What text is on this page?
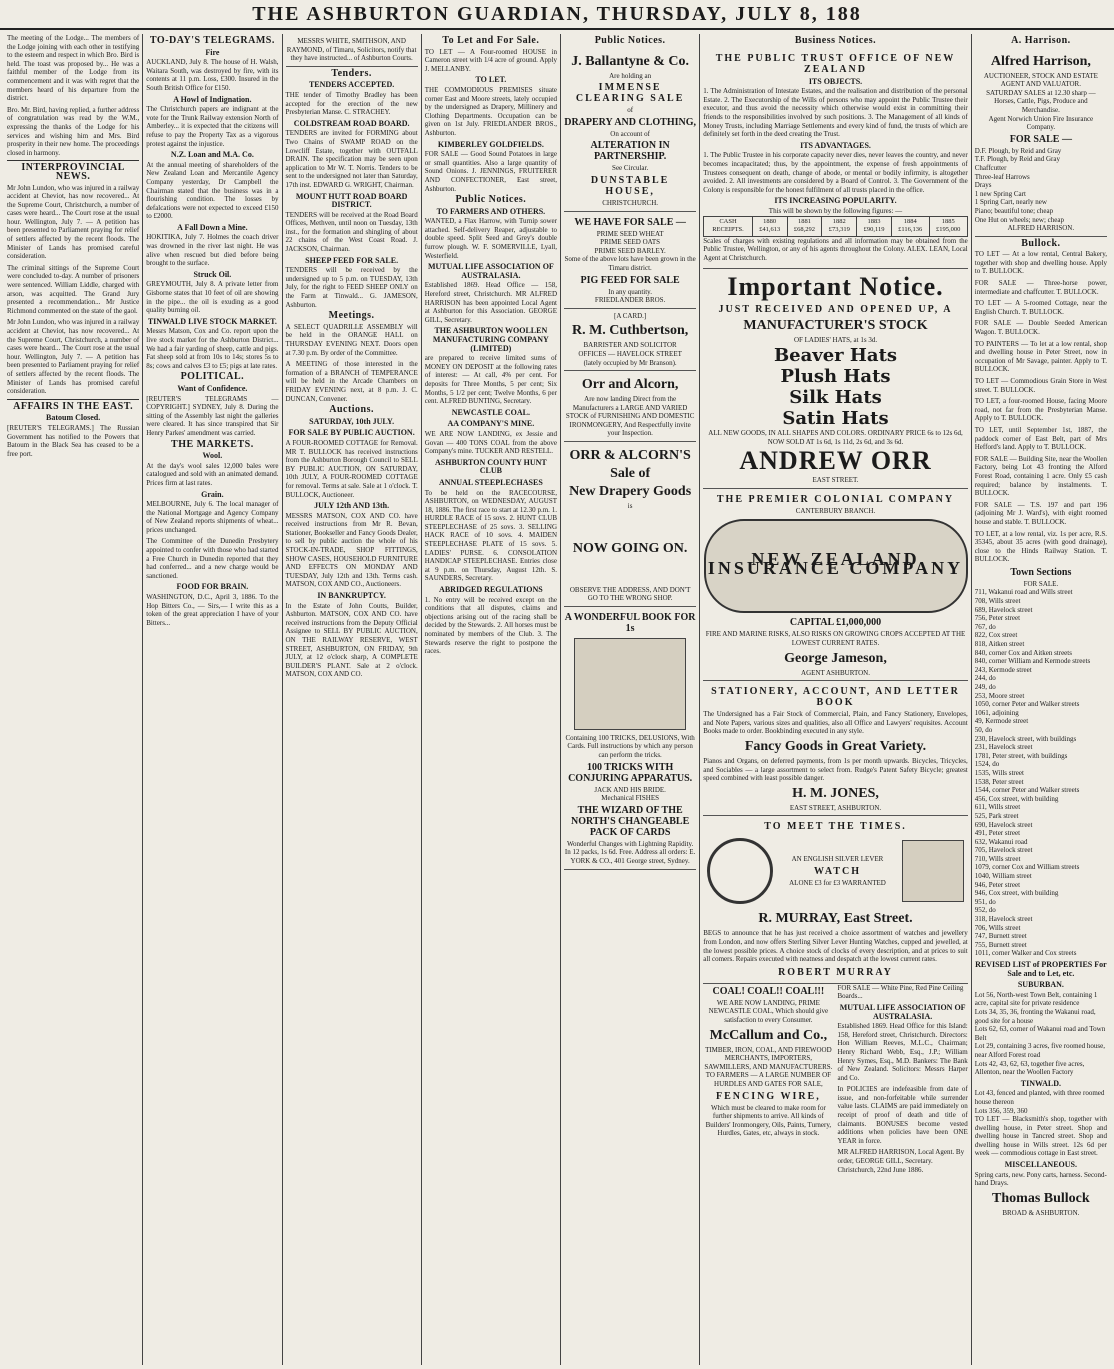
THE ASHBURTON GUARDIAN, THURSDAY, JULY 8, 188

The meeting of the Lodge... The members of the Lodge joining with each other in testifying to the esteem and respect in which Bro. Bird is held. The toast was proposed by... He was a faithful member of the Lodge from its commencement and it was with regret that the members heard of his departure from the district.

Bro. Mr. Bird, having replied, a further address of congratulation was read by the W.M., expressing the thanks of the Lodge for his services and wishing him and Mrs. Bird prosperity in their new home. The proceedings closed in harmony.

INTERPROVINCIAL NEWS.

Mr John Lundon, who was injured in a railway accident at Cheviot, has now recovered... At the Supreme Court, Christchurch, a number of cases were heard... The Court rose at the usual hour. Wellington, July 7. — A petition has been presented to Parliament praying for relief of settlers affected by the recent floods. The Minister of Lands has promised careful consideration.

The criminal sittings of the Supreme Court were concluded to-day. A number of prisoners were sentenced. William Liddle, charged with arson, was acquitted. The Grand Jury presented a recommendation... Mr Justice Richmond commented on the state of the gaol.

Mr John Lundon, who was injured in a railway accident at Cheviot, has now recovered... At the Supreme Court, Christchurch, a number of cases were heard... The Court rose at the usual hour. Wellington, July 7. — A petition has been presented to Parliament praying for relief of settlers affected by the recent floods. The Minister of Lands has promised careful consideration.

AFFAIRS IN THE EAST.
Batoum Closed.

[REUTER'S TELEGRAMS.] The Russian Government has notified to the Powers that Batoum in the Black Sea has ceased to be a free port.

TO-DAY'S TELEGRAMS.
Fire

AUCKLAND, July 8. The house of H. Walsh, Waitara South, was destroyed by fire, with its contents at 11 p.m. Loss, £300. Insured in the South British Office for £150.

A Howl of Indignation.

The Christchurch papers are indignant at the vote for the Trunk Railway extension North of Amberley... it is expected that the citizens will refuse to pay the Property Tax as a vigorous protest against the injustice.

N.Z. Loan and M.A. Co.

At the annual meeting of shareholders of the New Zealand Loan and Mercantile Agency Company yesterday, Dr Campbell the Chairman stated that the business was in a flourishing condition. The losses by defalcations were not expected to exceed £150 to £2000.

A Fall Down a Mine.

HOKITIKA, July 7. Holmes the coach driver was drowned in the river last night. He was alive when rescued but died before being brought to the surface.

Struck Oil.

GREYMOUTH, July 8. A private letter from Gisborne states that 10 feet of oil are showing in the pipe... the oil is exuding as a good quality burning oil.

TINWALD LIVE STOCK MARKET.

Messrs Matson, Cox and Co. report upon the live stock market for the Ashburton District... We had a fair yarding of sheep, cattle and pigs. Fat sheep sold at from 10s to 14s; stores 5s to 8s; cows and calves £3 to £5; pigs at late rates.

POLITICAL.
Want of Confidence.

[REUTER'S TELEGRAMS — COPYRIGHT.] SYDNEY, July 8. During the sitting of the Assembly last night the galleries were cleared. It has since transpired that Sir Henry Parkes' amendment was carried.

THE MARKETS.
Wool.

At the day's wool sales 12,000 bales were catalogued and sold with an animated demand. Prices firm at last rates.

Grain.

MELBOURNE, July 6. The local manager of the National Mortgage and Agency Company of New Zealand reports shipments of wheat... prices unchanged.

The Committee of the Dunedin Presbytery appointed to confer with those who had started a Free Church in Dunedin reported that they had conferred... and a new charge would be sanctioned.

FOOD FOR BRAIN.

WASHINGTON, D.C., April 3, 1886. To the Hop Bitters Co., — Sirs,— I write this as a token of the great appreciation I have of your Bitters...

MESSRS WHITE, SMITHSON, AND RAYMOND, of Timaru, Solicitors, notify that they have instructed... of Ashburton Courts.

Tenders.
TENDERS ACCEPTED.

THE tender of Timothy Bradley has been accepted for the erection of the new Presbyterian Manse. C. STRACHEY.

COLDSTREAM ROAD BOARD.

TENDERS are invited for FORMING about Two Chains of SWAMP ROAD on the Lowcliff Estate, together with OUTFALL DRAIN. The specification may be seen upon application to Mr W. T. Norris. Tenders to be sent to the undersigned not later than Saturday, 17th inst. EDWARD G. WRIGHT, Chairman.

MOUNT HUTT ROAD BOARD DISTRICT.

TENDERS will be received at the Road Board Offices, Methven, until noon on Tuesday, 13th inst., for the formation and shingling of about 22 chains of the West Coast Road. J. JACKSON, Chairman.

SHEEP FEED FOR SALE.

TENDERS will be received by the undersigned up to 5 p.m. on TUESDAY, 13th July, for the right to FEED SHEEP ONLY on the Farm at Tinwald... G. JAMESON, Ashburton.

Meetings.

A SELECT QUADRILLE ASSEMBLY will be held in the ORANGE HALL on THURSDAY EVENING NEXT. Doors open at 7.30 p.m. By order of the Committee.

A MEETING of those interested in the formation of a BRANCH of TEMPERANCE will be held in the Arcade Chambers on FRIDAY EVENING next, at 8 p.m. J. C. DUNCAN, Convener.

Auctions.
SATURDAY, 10th JULY.
FOR SALE BY PUBLIC AUCTION.

A FOUR-ROOMED COTTAGE for Removal. MR T. BULLOCK has received instructions from the Ashburton Borough Council to SELL BY PUBLIC AUCTION, ON SATURDAY, 10th JULY, A FOUR-ROOMED COTTAGE for removal. Terms at sale. Sale at 1 o'clock. T. BULLOCK, Auctioneer.

JULY 12th AND 13th.

MESSRS MATSON, COX AND CO. have received instructions from Mr R. Bevan, Stationer, Bookseller and Fancy Goods Dealer, to sell by public auction the whole of his STOCK-IN-TRADE, SHOP FITTINGS, SHOW CASES, HOUSEHOLD FURNITURE AND EFFECTS ON MONDAY AND TUESDAY, July 12th and 13th. Terms cash. MATSON, COX AND CO., Auctioneers.

IN BANKRUPTCY.

In the Estate of John Coutts, Builder, Ashburton. MATSON, COX AND CO. have received instructions from the Deputy Official Assignee to SELL BY PUBLIC AUCTION, ON THE RAILWAY RESERVE, WEST STREET, ASHBURTON, ON FRIDAY, 9th JULY, at 12 o'clock sharp, A COMPLETE BUILDER'S PLANT. Sale at 2 o'clock. MATSON, COX AND CO.

To Let and For Sale.

TO LET — A Four-roomed HOUSE in Cameron street with 1/4 acre of ground. Apply J. MELLANBY.

TO LET.

THE COMMODIOUS PREMISES situate corner East and Moore streets, lately occupied by the undersigned as Drapery, Millinery and Clothing Departments. Occupation can be given on 1st July. FRIEDLANDER BROS., Ashburton.

KIMBERLEY GOLDFIELDS.

FOR SALE — Good Sound Potatoes in large or small quantities. Also a large quantity of Sound Onions. J. JENNINGS, FRUITERER AND CONFECTIONER, East street, Ashburton.

Public Notices.
TO FARMERS AND OTHERS.

WANTED, a Flax Harrow, with Turnip sower attached. Self-delivery Reaper, adjustable to double speed. Split Seed and Grey's double furrow plough. W. F. SOMERVILLE, Lyall, Westerfield.

MUTUAL LIFE ASSOCIATION OF AUSTRALASIA.

Established 1869. Head Office — 158, Hereford street, Christchurch. MR ALFRED HARRISON has been appointed Local Agent at Ashburton for this Association. GEORGE GILL, Secretary.

THE ASHBURTON WOOLLEN MANUFACTURING COMPANY (LIMITED)

are prepared to receive limited sums of MONEY ON DEPOSIT at the following rates of interest: — At call, 4% per cent. For deposits for Three Months, 5 per cent; Six Months, 5 1/2 per cent; Twelve Months, 6 per cent. ALFRED BUNTING, Secretary.

NEWCASTLE COAL.
AA COMPANY'S MINE.

WE ARE NOW LANDING, ex Jessie and Govan — 400 TONS COAL from the above Company's mine. TUCKER AND RESTELL.

ASHBURTON COUNTY HUNT CLUB
ANNUAL STEEPLECHASES

To be held on the RACECOURSE, ASHBURTON, on WEDNESDAY, AUGUST 18, 1886. The first race to start at 12.30 p.m. 1. HURDLE RACE of 15 sovs. 2. HUNT CLUB STEEPLECHASE of 25 sovs. 3. SELLING HACK RACE of 10 sovs. 4. MAIDEN STEEPLECHASE PLATE of 15 sovs. 5. LADIES' PURSE. 6. CONSOLATION HANDICAP STEEPLECHASE. Entries close at 9 p.m. on Thursday, August 12th. S. SAUNDERS, Secretary.

ABRIDGED REGULATIONS

1. No entry will be received except on the conditions that all disputes, claims and objections arising out of the racing shall be decided by the Stewards. 2. All horses must be nominated by members of the Club. 3. The Stewards reserve the right to postpone the races.

Public Notices.
J. Ballantyne & Co.
Are holding an
IMMENSE CLEARING SALE
of
DRAPERY AND CLOTHING,
On account of
ALTERATION IN PARTNERSHIP.
See Circular.
DUNSTABLE HOUSE,
CHRISTCHURCH.
WE HAVE FOR SALE —
PRIME SEED WHEAT
PRIME SEED OATS
PRIME SEED BARLEY.
Some of the above lots have been grown in the Timaru district.
PIG FEED FOR SALE
In any quantity.
FRIEDLANDER BROS.
[A CARD.]
R. M. Cuthbertson,
BARRISTER AND SOLICITOR
OFFICES — HAVELOCK STREET
(lately occupied by Mr Branson).
Orr and Alcorn,
Are now landing Direct from the Manufacturers a LARGE AND VARIED STOCK of FURNISHING AND DOMESTIC IRONMONGERY, And Respectfully invite your Inspection.
ORR & ALCORN'S
Sale of
New Drapery Goods
is
NOW GOING ON.
OBSERVE THE ADDRESS, AND DON'T GO TO THE WRONG SHOP.
A WONDERFUL BOOK FOR 1s
Containing 100 TRICKS, DELUSIONS, With Cards. Full instructions by which any person can perform the tricks.
100 TRICKS WITH CONJURING APPARATUS.
JACK AND HIS BRIDE.
Mechanical FISHES
THE WIZARD OF THE NORTH'S CHANGEABLE PACK OF CARDS
Wonderful Changes with Lightning Rapidity. In 12 packs, 1s 6d. Free. Address all orders: E. YORK & CO., 401 George street, Sydney.
Business Notices.
THE PUBLIC TRUST OFFICE OF NEW ZEALAND
ITS OBJECTS.

1. The Administration of Intestate Estates, and the realisation and distribution of the personal Estate. 2. The Executorship of the Wills of persons who may appoint the Public Trustee their executor, and thus avoid the necessity which otherwise would exist in committing their friends to the responsibilities involved by such positions. 3. The Management of all kinds of Money Trusts, including Marriage Settlements and every kind of fund, the trusts of which are definitely set forth in the deed creating the Trust.

ITS ADVANTAGES.

1. The Public Trustee in his corporate capacity never dies, never leaves the country, and never becomes incapacitated; thus, by the appointment, the expense of fresh appointments of Trustees consequent on death, change of abode, or mental or bodily infirmity, is altogether avoided. 2. All investments are considered by a Board of Control. 3. The Government of the Colony is responsible for the honest fulfilment of all trusts placed in the office.

ITS INCREASING POPULARITY.
This will be shown by the following figures: —
CASH RECEIPTS.	1880 £41,613	1881 £68,292	1882 £73,319	1883 £90,119	1884 £116,136	1885 £195,000

Scales of charges with existing regulations and all information may be obtained from the Public Trustee, Wellington, or any of his agents throughout the Colony. ALEX. LEAN, Local Agent at Christchurch.

Important Notice.
JUST RECEIVED AND OPENED UP, A
MANUFACTURER'S STOCK
OF LADIES' HATS, at 1s 3d.
Beaver Hats
Plush Hats
Silk Hats
Satin Hats
ALL NEW GOODS, IN ALL SHAPES AND COLORS. ORDINARY PRICE 6s to 12s 6d, NOW SOLD AT 1s 6d, 1s 11d, 2s 6d, and 3s 6d.
ANDREW ORR
EAST STREET.
THE PREMIER COLONIAL COMPANY
CANTERBURY BRANCH.
NEW ZEALAND INSURANCE COMPANY
CAPITAL £1,000,000
FIRE AND MARINE RISKS, ALSO RISKS ON GROWING CROPS ACCEPTED AT THE LOWEST CURRENT RATES.
George Jameson,
AGENT ASHBURTON.
STATIONERY, ACCOUNT, AND LETTER BOOK

The Undersigned has a Fair Stock of Commercial, Plain, and Fancy Stationery, Envelopes, and Note Papers, various sizes and qualities, also all Office and Lawyers' requisites. Account Books made to order. Bookbinding executed in any style.

Fancy Goods in Great Variety.

Pianos and Organs, on deferred payments, from 1s per month upwards. Bicycles, Tricycles, and Sociables — a large assortment to select from. Rudge's Patent Safety Bicycle; greatest speed combined with least possible danger.

H. M. JONES,
EAST STREET, ASHBURTON.
TO MEET THE TIMES.
AN ENGLISH SILVER LEVER
WATCH
ALONE £3 for £3 WARRANTED
R. MURRAY, East Street.

BEGS to announce that he has just received a choice assortment of watches and jewellery from London, and now offers Sterling Silver Lever Hunting Watches, cupped and jewelled, at the lowest possible prices. A choice stock of clocks of every description, and at prices to suit all comers. Repairs executed with neatness and despatch at the lowest current rates.

ROBERT MURRAY
COAL! COAL!! COAL!!!
WE ARE NOW LANDING, PRIME NEWCASTLE COAL, Which should give satisfaction to every Consumer.
McCallum and Co.,
TIMBER, IRON, COAL, AND FIREWOOD MERCHANTS, IMPORTERS, SAWMILLERS, AND MANUFACTURERS.
TO FARMERS — A LARGE NUMBER OF HURDLES AND GATES FOR SALE,
FENCING WIRE,
Which must be cleared to make room for further shipments to arrive. All kinds of Builders' Ironmongery, Oils, Paints, Turnery, Hurdles, Gates, etc, always in stock.
FOR SALE — White Pine, Red Pine Ceiling Boards...
MUTUAL LIFE ASSOCIATION OF AUSTRALASIA.

Established 1869. Head Office for this Island: 158, Hereford street, Christchurch. Directors: Hon William Reeves, M.L.C., Chairman; Henry Richard Webb, Esq., J.P.; William Henry Symes, Esq., M.D. Bankers: The Bank of New Zealand. Solicitors: Messrs Harper and Co.

In POLICIES are indefeasible from date of issue, and non-forfeitable while surrender value lasts. CLAIMS are paid immediately on receipt of proof of death and title of claimants. BONUSES become vested additions when policies have been ONE YEAR in force.

MR ALFRED HARRISON, Local Agent. By order, GEORGE GILL, Secretary.
Christchurch, 22nd June 1886.
A. Harrison.
Alfred Harrison,
AUCTIONEER, STOCK AND ESTATE AGENT AND VALUATOR.
SATURDAY SALES at 12.30 sharp — Horses, Cattle, Pigs, Produce and Merchandise.
Agent Norwich Union Fire Insurance Company.
FOR SALE —
D.F. Plough, by Reid and Gray
T.F. Plough, by Reid and Gray
Chaffcutter
Three-leaf Harrows
Drays
1 new Spring Cart
1 Spring Cart, nearly new
Piano; beautiful tone; cheap
One Hut on wheels; new; cheap
ALFRED HARRISON.
Bullock.

TO LET — At a low rental, Central Bakery, together with shop and dwelling house. Apply to T. BULLOCK.

FOR SALE — Three-horse power, intermediate and chaffcutter. T. BULLOCK.

TO LET — A 5-roomed Cottage, near the English Church. T. BULLOCK.

FOR SALE — Double Seeded American Wagon. T. BULLOCK.

TO PAINTERS — To let at a low rental, shop and dwelling house in Peter Street, now in occupation of Mr Savage, painter. Apply to T. BULLOCK.

TO LET — Commodious Grain Store in West street. T. BULLOCK.

TO LET, a four-roomed House, facing Moore road, not far from the Presbyterian Manse. Apply to T. BULLOCK.

TO LET, until September 1st, 1887, the paddock corner of East Belt, part of Mrs Hefford's land. Apply to T. BULLOCK.

FOR SALE — Building Site, near the Woollen Factory, being Lot 43 fronting the Alford Forest Road, containing 1 acre. Only £5 cash required; balance by instalments. T. BULLOCK.

FOR SALE — T.S. 197 and part 196 (adjoining Mr J. Ward's), with eight roomed house and stable. T. BULLOCK.

TO LET, at a low rental, viz. 1s per acre, R.S. 35345, about 35 acres (with good drainage), close to the Hinds Railway Station. T. BULLOCK.

Town Sections
FOR SALE.
711, Wakanui road and Wills street
708, Wills street
689, Havelock street
756, Peter street
767, do
822, Cox street
818, Aitken street
840, corner Cox and Aitken streets
840, corner William and Kermode streets
243, Kermode street
244, do
249, do
253, Moore street
1050, corner Peter and Walker streets
1061, adjoining
49, Kermode street
50, do
230, Havelock street, with buildings
231, Havelock street
1781, Peter street, with buildings
1524, do
1535, Wills street
1538, Peter street
1544, corner Peter and Walker streets
456, Cox street, with building
611, Wills street
525, Park street
690, Havelock street
491, Peter street
632, Wakanui road
705, Havelock street
710, Wills street
1079, corner Cox and William streets
1040, William street
946, Peter street
946, Cox street, with building
951, do
952, do
318, Havelock street
706, Wills street
747, Burnett street
755, Burnett street
1011, corner Walker and Cox streets
REVISED LIST of PROPERTIES For Sale and to Let, etc.
SUBURBAN.
Lot 56, North-west Town Belt, containing 1 acre, capital site for private residence
Lots 34, 35, 36, fronting the Wakanui road, good site for a house
Lots 62, 63, corner of Wakanui road and Town Belt
Lot 29, containing 3 acres, five roomed house, near Alford Forest road
Lots 42, 43, 62, 63, together five acres, Allenton, near the Woollen Factory
TINWALD.
Lot 43, fenced and planted, with three roomed house thereon
Lots 356, 359, 360

TO LET — Blacksmith's shop, together with dwelling house, in Peter street. Shop and dwelling house in Tancred street. Shop and dwelling house in Wills street. 12s 6d per week — commodious cottage in East street.

MISCELLANEOUS.
Spring carts, new. Pony carts, harness. Second-hand Drays.
Thomas Bullock
BROAD & ASHBURTON.
